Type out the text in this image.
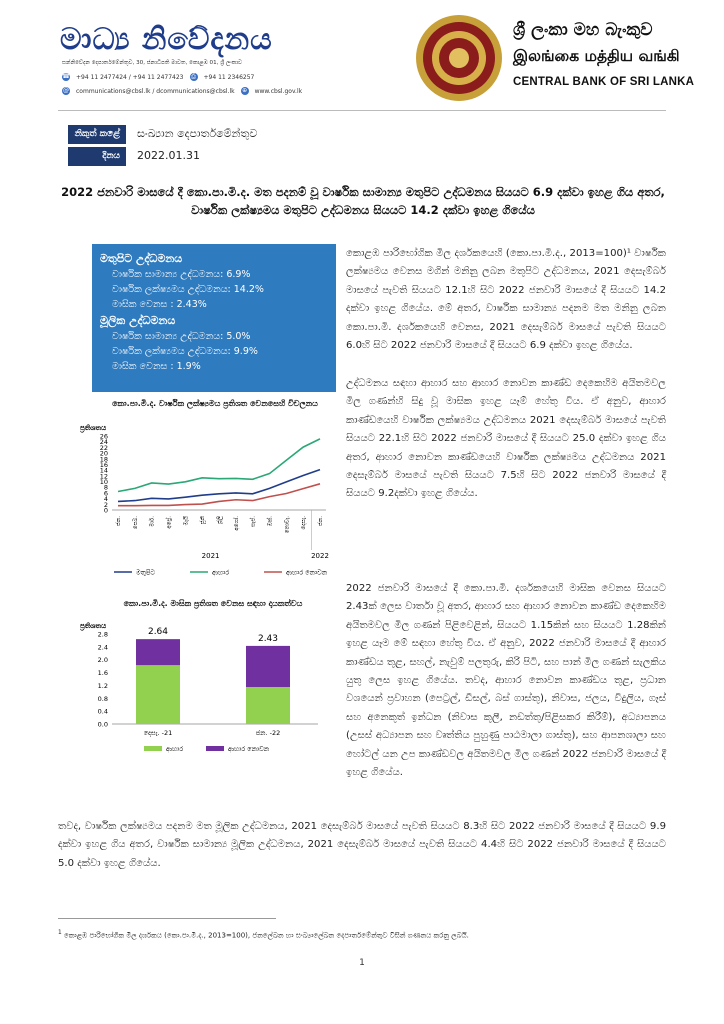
මාධ්‍ය නිවේදනය
සන්නිවේදන දෙපාර්තමේන්තුව, 30, ජනාධිපති මාවත, කොළඹ 01, ශ්‍රී ලංකාව
☎ +94 11 2477424 / +94 11 2477423 ⎙ +94 11 2346257
@ communications@cbsl.lk / dcommunications@cbsl.lk ⊕ www.cbsl.gov.lk
ශ්‍රී ලංකා මහ බැංකුව
இலங்கை மத்திய வங்கி
CENTRAL BANK OF SRI LANKA
නිකුත් කළේ	සංඛ්‍යාන දෙපාර්තමේන්තුව
දිනය	2022.01.31
2022 ජනවාරි මාසයේ දී කො.පා.මි.ද. මත පදනම් වූ වාර්ෂික සාමාන්‍ය මතුපිට උද්ධමනය සියයට 6.9 දක්වා ඉහළ ගිය අතර, වාර්ෂික ලක්ෂ්‍යමය මතුපිට උද්ධමනය සියයට 14.2 දක්වා ඉහළ ගියේය
මතුපිට උද්ධමනය
වාර්ෂික සාමාන්‍ය උද්ධමනය: 6.9%
වාර්ෂික ලක්ෂ්‍යමය උද්ධමනය: 14.2%
මාසික වෙනස : 2.43%
මූලික උද්ධමනය
වාර්ෂික සාමාන්‍ය උද්ධමනය: 5.0%
වාර්ෂික ලක්ෂ්‍යමය උද්ධමනය: 9.9%
මාසික වෙනස : 1.9%
කො.පා.මි.ද. වාර්ෂික ලක්ෂ්‍යමය ප්‍රතිශත වෙනසෙහි විචලනය
ප්‍රතිශතය
0
2
4
6
8
10
12
14
16
18
20
22
24
26
ජන. පෙබ. මාර්. අප්‍රේ. මැයි ජූනි ජූලි අගෝ. සැප්. ඔක්. නොවැ. දෙසැ. ජන.
2021	2022
මතුපිට	ආහාර	ආහාර නොවන
කො.පා.මි.ද. මාසික ප්‍රතිශත වෙනස සඳහා දායකත්වය
ප්‍රතිශතය
0.0
0.4
0.8
1.2
1.6
2.0
2.4
2.8	2.64
දෙසැ. -21
2.43
ජන. -22
ආහාර	ආහාර නොවන
කොළඹ පාරිභෝගික මිල දර්ශකයෙහි (කො.පා.මි.ද., 2013=100)¹ වාර්ෂික ලක්ෂ්‍යමය වෙනස මගින් මනිනු ලබන මතුපිට උද්ධමනය, 2021 දෙසැම්බර් මාසයේ පැවති සියයට 12.1හි සිට 2022 ජනවාරි මාසයේ දී සියයට 14.2 දක්වා ඉහළ ගියේය. මේ අතර, වාර්ෂික සාමාන්‍ය පදනම මත මනිනු ලබන කො.පා.මි. දර්ශකයෙහි වෙනස, 2021 දෙසැම්බර් මාසයේ පැවති සියයට 6.0හි සිට 2022 ජනවාරි මාසයේ දී සියයට 6.9 දක්වා ඉහළ ගියේය.
උද්ධමනය සඳහා ආහාර සහ ආහාර නොවන කාණ්ඩ දෙකෙහිම අයිතමවල මිල ගණන්හි සිදු වූ මාසික ඉහළ යෑම් හේතු විය. ඒ අනුව, ආහාර කාණ්ඩයෙහි වාර්ෂික ලක්ෂ්‍යමය උද්ධමනය 2021 දෙසැම්බර් මාසයේ පැවති සියයට 22.1හි සිට 2022 ජනවාරි මාසයේ දී සියයට 25.0 දක්වා ඉහළ ගිය අතර, ආහාර නොවන කාණ්ඩයෙහි වාර්ෂික ලක්ෂ්‍යමය උද්ධමනය 2021 දෙසැම්බර් මාසයේ පැවති සියයට 7.5හි සිට 2022 ජනවාරි මාසයේ දී සියයට 9.2දක්වා ඉහළ ගියේය.
2022 ජනවාරි මාසයේ දී කො.පා.මි. දර්ශකයෙහි මාසික වෙනස සියයට 2.43ක් ලෙස වාර්තා වූ අතර, ආහාර සහ ආහාර නොවන කාණ්ඩ දෙකෙහිම අයිතමවල මිල ගණන් පිළිවෙළින්, සියයට 1.15කින් සහ සියයට 1.28කින් ඉහළ යෑම මේ සඳහා හේතු විය. ඒ අනුව, 2022 ජනවාරි මාසයේ දී ආහාර කාණ්ඩය තුළ, සහල්, නැවුම් පලතුරු, කිරි පිටි, සහ පාන් මිල ගණන් සැලකිය යුතු ලෙස ඉහළ ගියේය. තවද, ආහාර නොවන කාණ්ඩය තුළ, ප්‍රධාන වශයෙන් ප්‍රවාහන (පෙට්‍රල්, ඩීසල්, බස් ගාස්තු), නිවාස, ජලය, විදුලිය, ගෑස් සහ අනෙකුත් ඉන්ධන (නිවාස කුලී, නඩත්තු/පිළිසකර කිරීම්), අධ්‍යාපනය (උසස් අධ්‍යාපන සහ වෘත්තිය පුහුණු පාඨමාලා ගාස්තු), සහ ආපනශාලා සහ හෝටල් යන උප කාණ්ඩවල අයිතමවල මිල ගණන් 2022 ජනවාරි මාසයේ දී ඉහළ ගියේය.
තවද, වාර්ෂික ලක්ෂ්‍යමය පදනම මත මූලික උද්ධමනය, 2021 දෙසැම්බර් මාසයේ පැවති සියයට 8.3හි සිට 2022 ජනවාරි මාසයේ දී සියයට 9.9 දක්වා ඉහළ ගිය අතර, වාර්ෂික සාමාන්‍ය මූලික උද්ධමනය, 2021 දෙසැම්බර් මාසයේ පැවති සියයට 4.4හි සිට 2022 ජනවාරි මාසයේ දී සියයට 5.0 දක්වා ඉහළ ගියේය.
$^1$ කොළඹ පාරිභෝගික මිල දර්ශකය (කො.පා.මි.ද., 2013=100), ජනලේඛන හා සංඛ්‍යාලේඛන දෙපාර්තමේන්තුව විසින් ගණනය කරනු ලබයි.
1
